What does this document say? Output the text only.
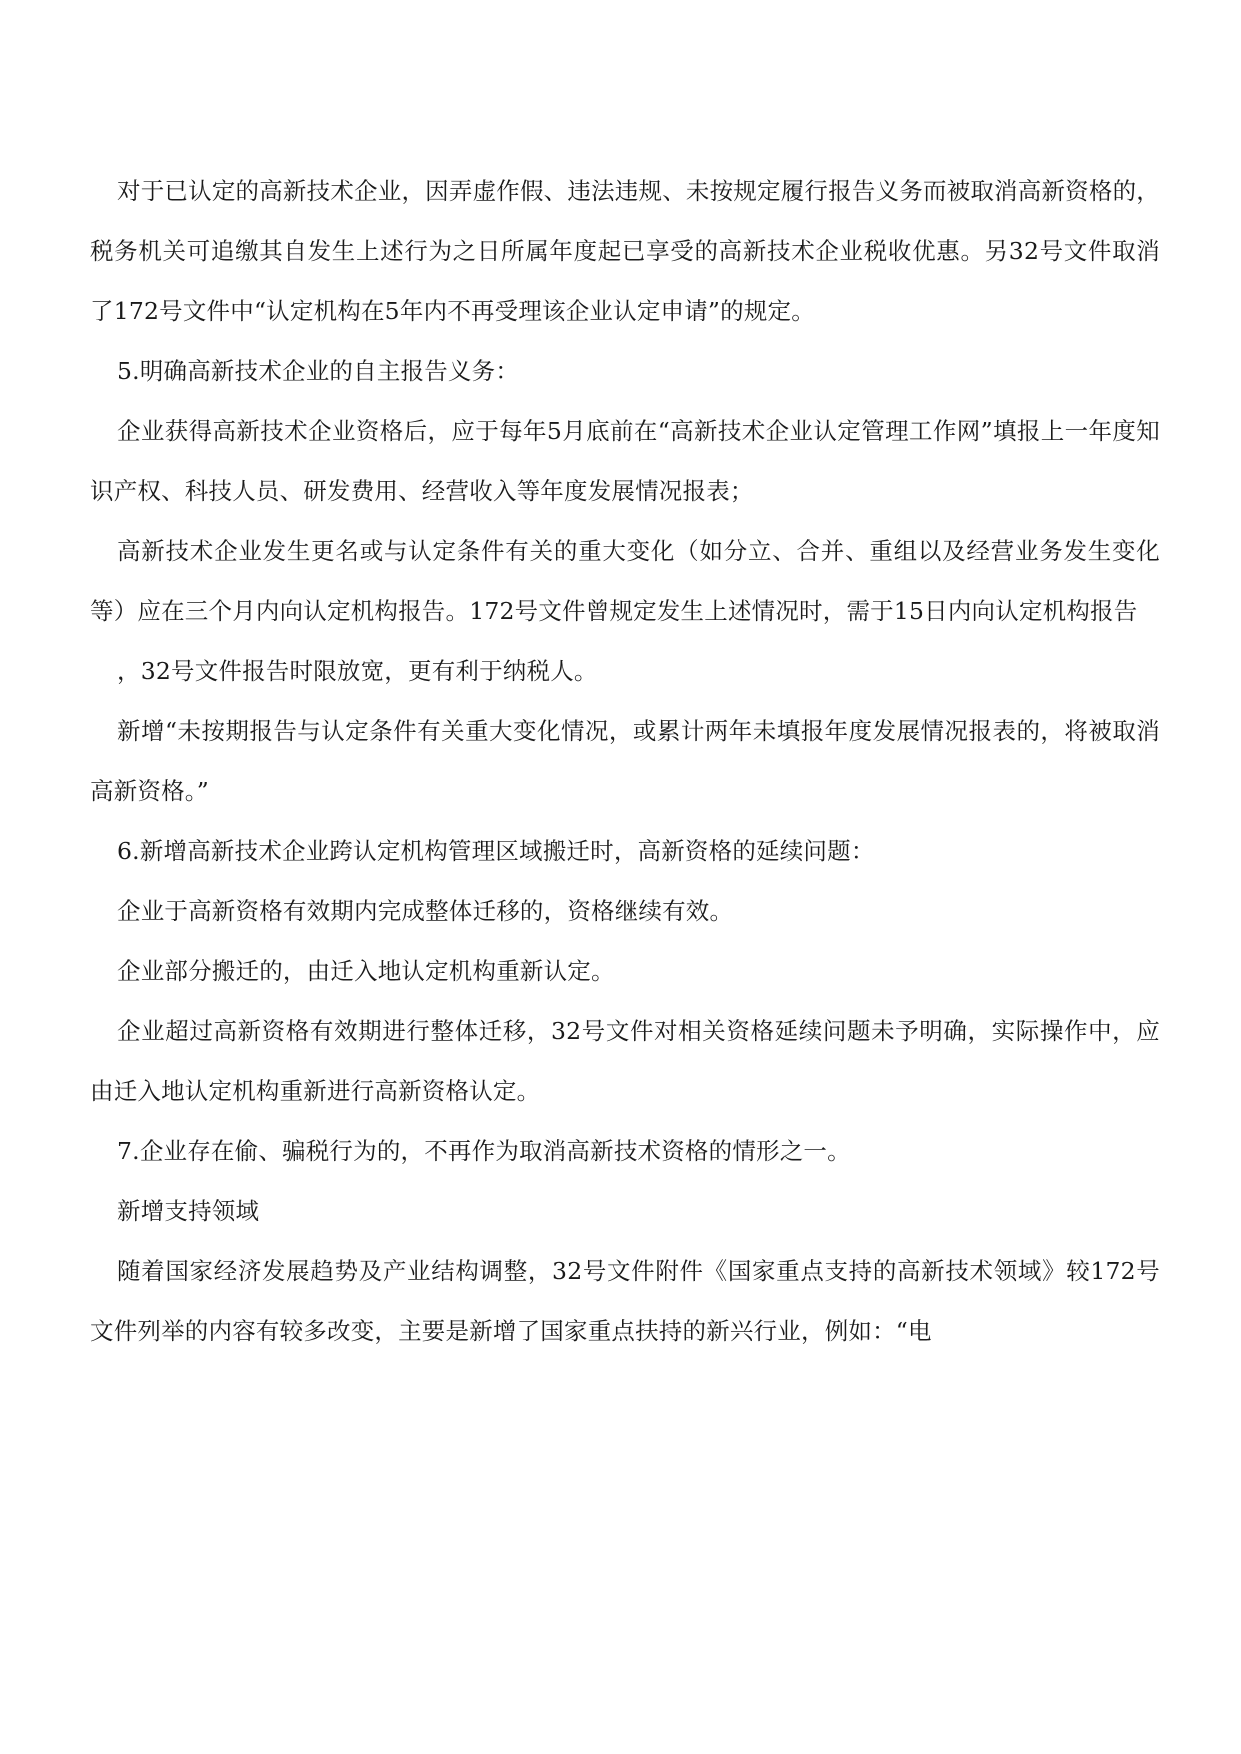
对于已认定的高新技术企业，因弄虚作假、违法违规、未按规定履行报告义务而被取消高新资格的，税务机关可追缴其自发生上述行为之日所属年度起已享受的高新技术企业税收优惠。另32号文件取消了172号文件中“认定机构在5年内不再受理该企业认定申请”的规定。

5.明确高新技术企业的自主报告义务：

企业获得高新技术企业资格后，应于每年5月底前在“高新技术企业认定管理工作网”填报上一年度知识产权、科技人员、研发费用、经营收入等年度发展情况报表；

高新技术企业发生更名或与认定条件有关的重大变化（如分立、合并、重组以及经营业务发生变化等）应在三个月内向认定机构报告。172号文件曾规定发生上述情况时，需于15日内向认定机构报告

，32号文件报告时限放宽，更有利于纳税人。

新增“未按期报告与认定条件有关重大变化情况，或累计两年未填报年度发展情况报表的，将被取消高新资格。”

6.新增高新技术企业跨认定机构管理区域搬迁时，高新资格的延续问题：

企业于高新资格有效期内完成整体迁移的，资格继续有效。

企业部分搬迁的，由迁入地认定机构重新认定。

企业超过高新资格有效期进行整体迁移，32号文件对相关资格延续问题未予明确，实际操作中，应由迁入地认定机构重新进行高新资格认定。

7.企业存在偷、骗税行为的，不再作为取消高新技术资格的情形之一。

新增支持领域

随着国家经济发展趋势及产业结构调整，32号文件附件《国家重点支持的高新技术领域》较172号文件列举的内容有较多改变，主要是新增了国家重点扶持的新兴行业，例如：“电
